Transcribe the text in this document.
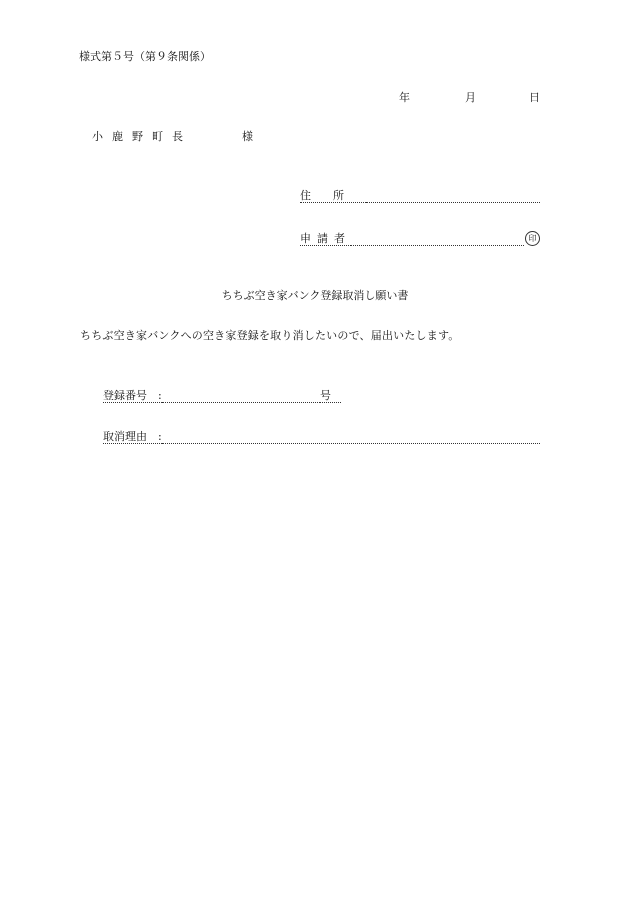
様式第５号（第９条関係）
年	月	日
小鹿野町長	様
住所
申請者	印
ちちぶ空き家バンク登録取消し願い書
ちちぶ空き家バンクへの空き家登録を取り消したいので、届出いたします。
登録番号　:	号
取消理由　:
